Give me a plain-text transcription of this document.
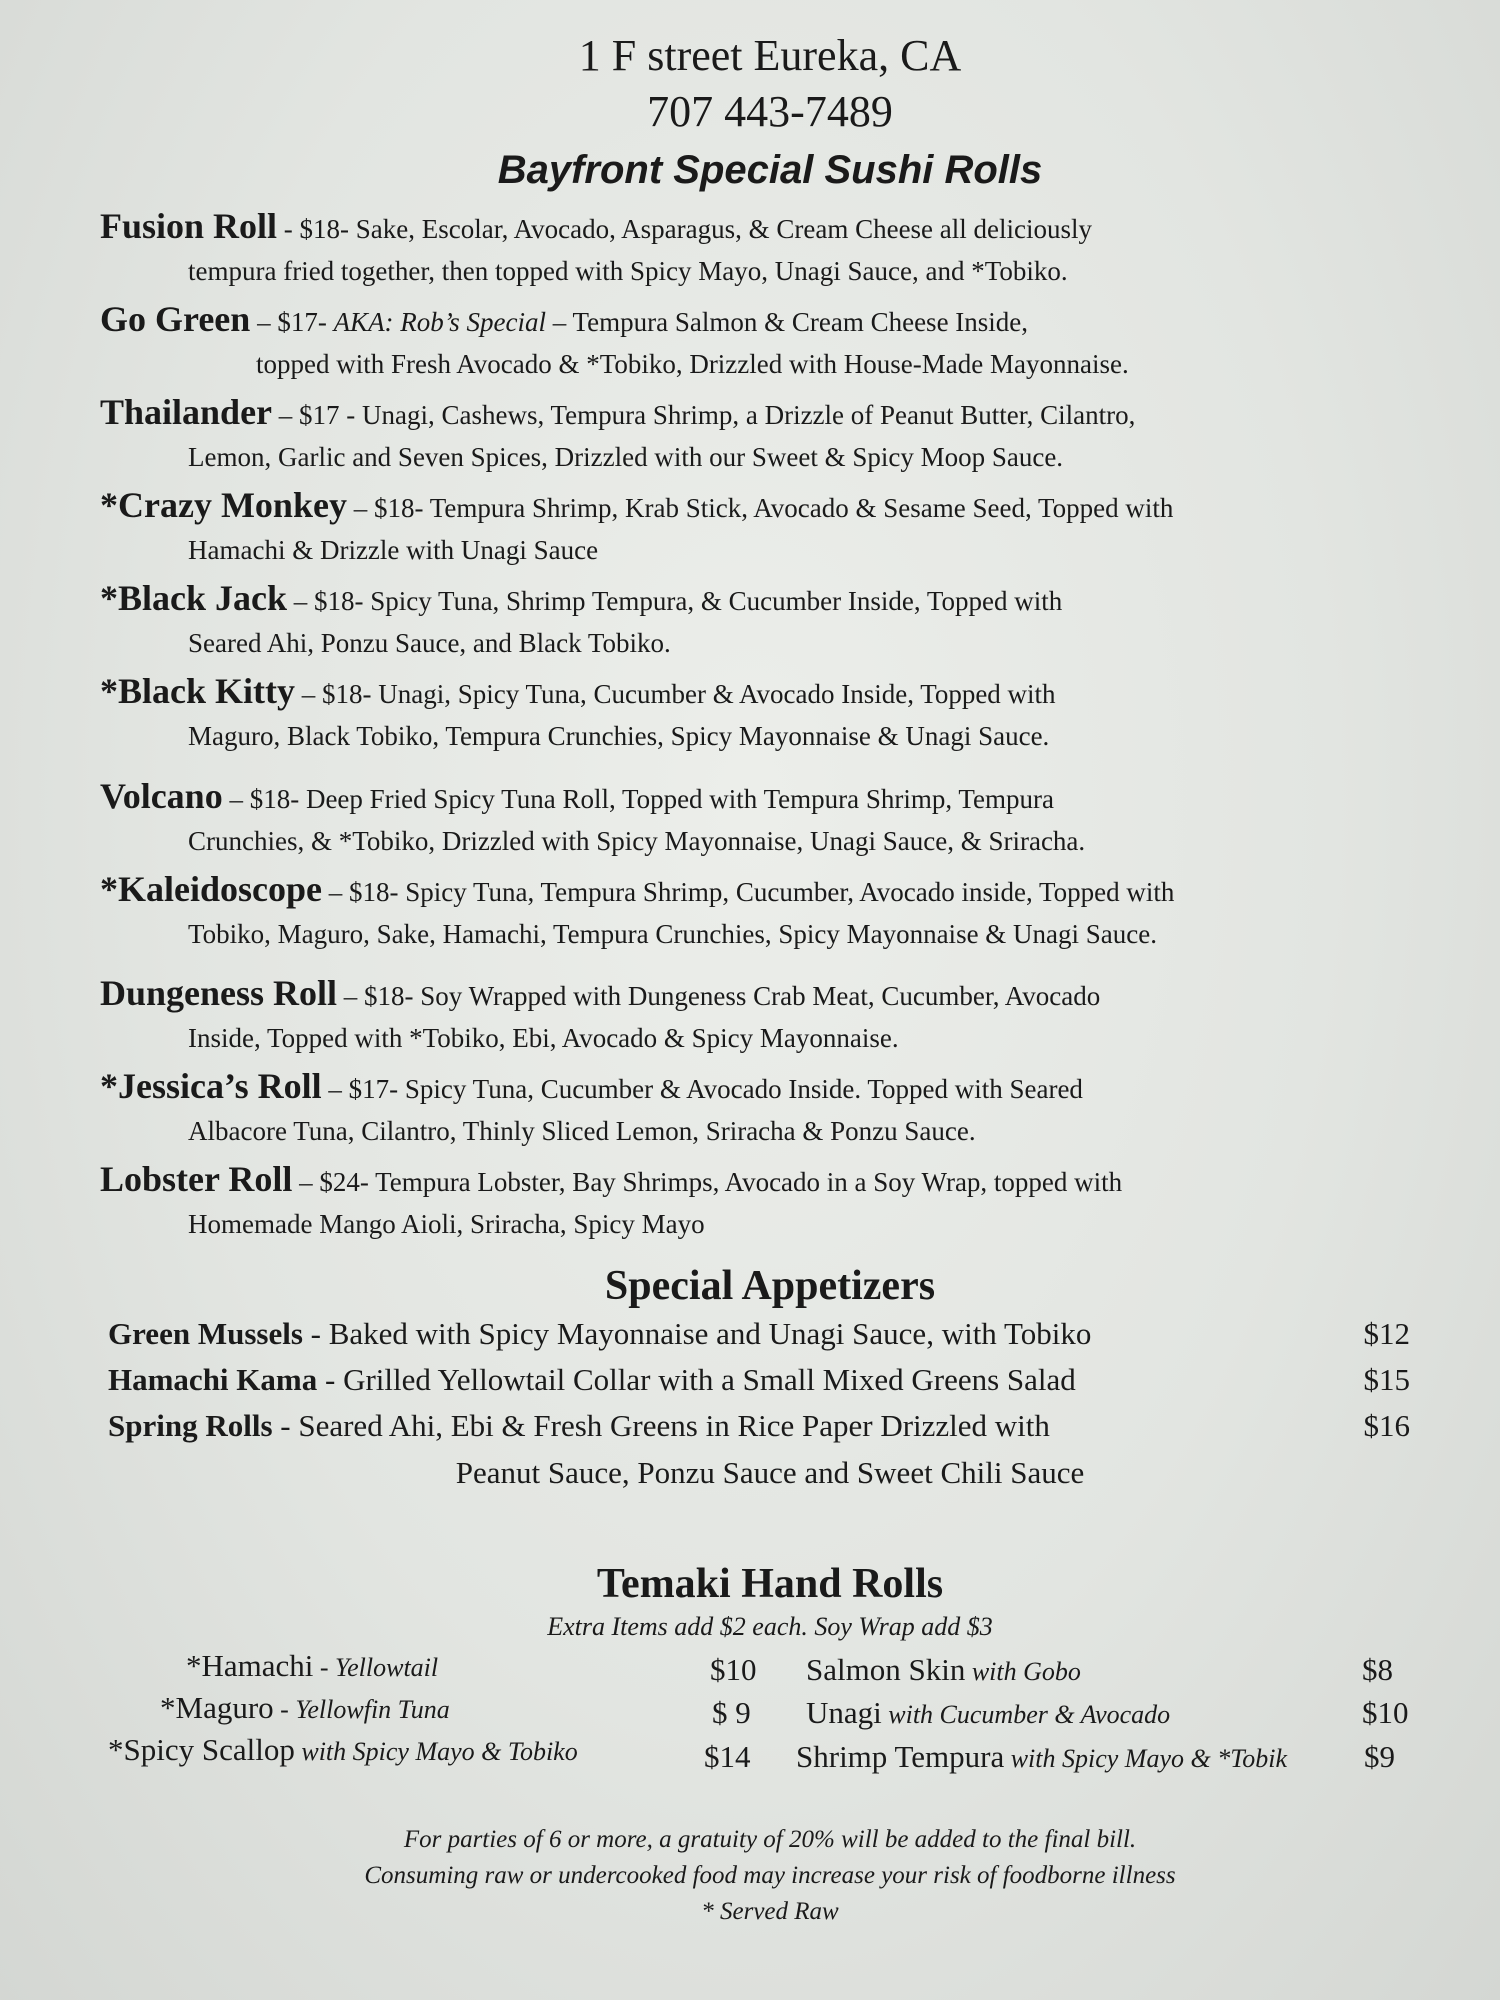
1 F street Eureka, CA
707 443-7489
Bayfront Special Sushi Rolls
Fusion Roll - $18- Sake, Escolar, Avocado, Asparagus, & Cream Cheese all deliciously
tempura fried together, then topped with Spicy Mayo, Unagi Sauce, and *Tobiko.
Go Green – $17- AKA: Rob’s Special – Tempura Salmon & Cream Cheese Inside,
topped with Fresh Avocado & *Tobiko, Drizzled with House-Made Mayonnaise.
Thailander – $17 - Unagi, Cashews, Tempura Shrimp, a Drizzle of Peanut Butter, Cilantro,
Lemon, Garlic and Seven Spices, Drizzled with our Sweet & Spicy Moop Sauce.
*Crazy Monkey – $18- Tempura Shrimp, Krab Stick, Avocado & Sesame Seed, Topped with
Hamachi & Drizzle with Unagi Sauce
*Black Jack – $18- Spicy Tuna, Shrimp Tempura, & Cucumber Inside, Topped with
Seared Ahi, Ponzu Sauce, and Black Tobiko.
*Black Kitty – $18- Unagi, Spicy Tuna, Cucumber & Avocado Inside, Topped with
Maguro, Black Tobiko, Tempura Crunchies, Spicy Mayonnaise & Unagi Sauce.
Volcano – $18- Deep Fried Spicy Tuna Roll, Topped with Tempura Shrimp, Tempura
Crunchies, & *Tobiko, Drizzled with Spicy Mayonnaise, Unagi Sauce, & Sriracha.
*Kaleidoscope – $18- Spicy Tuna, Tempura Shrimp, Cucumber, Avocado inside, Topped with
Tobiko, Maguro, Sake, Hamachi, Tempura Crunchies, Spicy Mayonnaise & Unagi Sauce.
Dungeness Roll – $18- Soy Wrapped with Dungeness Crab Meat, Cucumber, Avocado
Inside, Topped with *Tobiko, Ebi, Avocado & Spicy Mayonnaise.
*Jessica’s Roll – $17- Spicy Tuna, Cucumber & Avocado Inside. Topped with Seared
Albacore Tuna, Cilantro, Thinly Sliced Lemon, Sriracha & Ponzu Sauce.
Lobster Roll – $24- Tempura Lobster, Bay Shrimps, Avocado in a Soy Wrap, topped with
Homemade Mango Aioli, Sriracha, Spicy Mayo
Special Appetizers
Green Mussels - Baked with Spicy Mayonnaise and Unagi Sauce, with Tobiko	$12
Hamachi Kama - Grilled Yellowtail Collar with a Small Mixed Greens Salad	$15
Spring Rolls - Seared Ahi, Ebi & Fresh Greens in Rice Paper Drizzled with	$16
Peanut Sauce, Ponzu Sauce and Sweet Chili Sauce
Temaki Hand Rolls
Extra Items add $2 each. Soy Wrap add $3
*Hamachi - Yellowtail	$10
*Maguro - Yellowfin Tuna	$ 9
*Spicy Scallop with Spicy Mayo & Tobiko	$14
Salmon Skin with Gobo	$8
Unagi with Cucumber & Avocado	$10
Shrimp Tempura with Spicy Mayo & *Tobik $9
For parties of 6 or more, a gratuity of 20% will be added to the final bill.
Consuming raw or undercooked food may increase your risk of foodborne illness
* Served Raw
